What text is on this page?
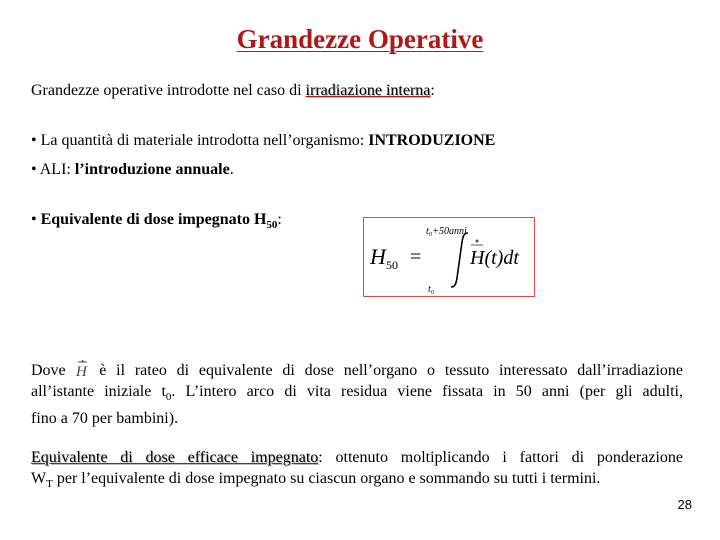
Grandezze Operative
Grandezze operative introdotte nel caso di irradiazione interna:
• La quantità di materiale introdotta nell’organismo: INTRODUZIONE
• ALI: l’introduzione annuale.
• Equivalente di dose impegnato $H_{50}$:
H 50 =
t₀+50anni
t₀
H(t)dt
Dove H è il rateo di equivalente di dose nell’organo o tessuto interessato dall’irradiazione
all’istante iniziale $t_0$. L’intero arco di vita residua viene fissata in 50 anni (per gli adulti,
fino a 70 per bambini).
Equivalente di dose efficace impegnato: ottenuto moltiplicando i fattori di ponderazione
$W_T$ per l’equivalente di dose impegnato su ciascun organo e sommando su tutti i termini.
28
